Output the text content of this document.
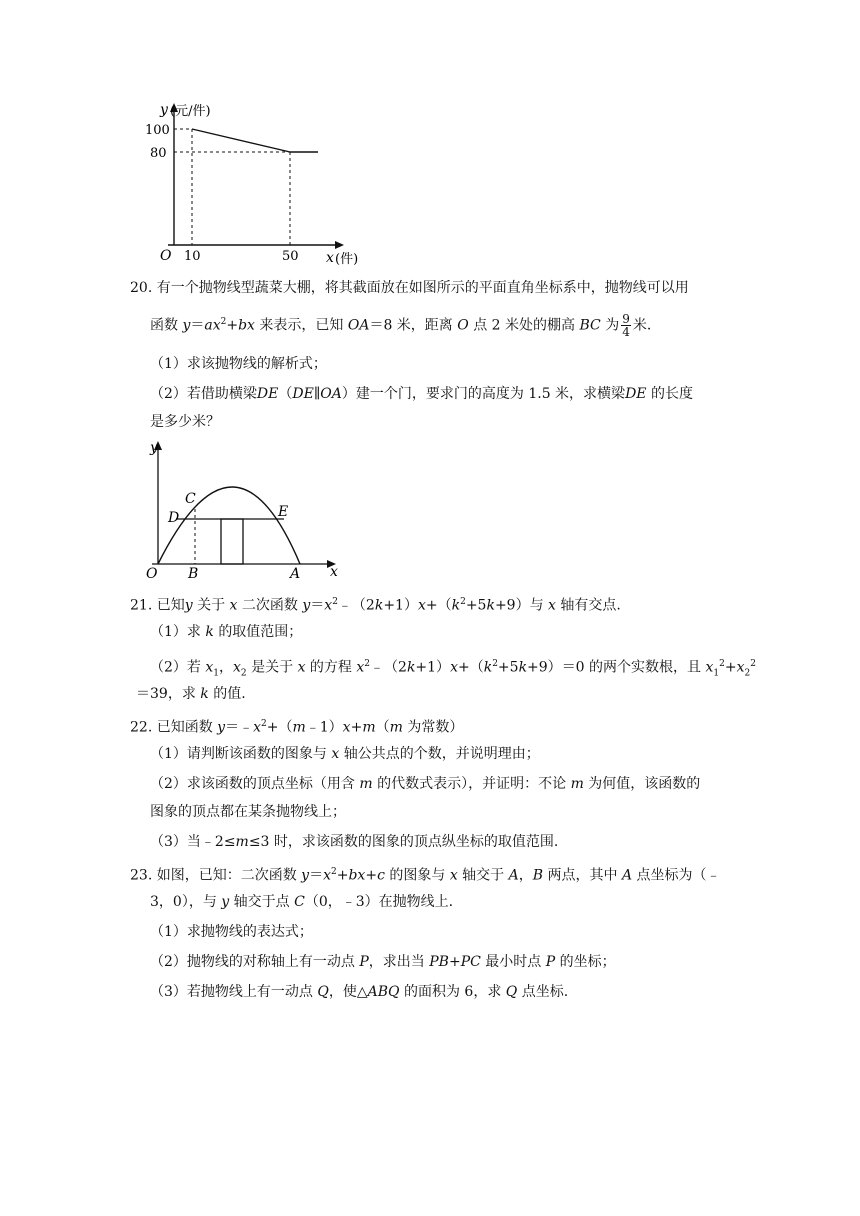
y (元/件)
100
80
O 10	50 x (件)
20. 有一个抛物线型蔬菜大棚，将其截面放在如图所示的平面直角坐标系中，抛物线可以用
函数 $y=ax^2+bx$ 来表示，已知 OA＝8 米，距离 O 点 2 米处的棚高 BC 为 $\frac{9}{4}$ 米.
（1）求该抛物线的解析式；
（2）若借助横梁DE（DE∥OA）建一个门，要求门的高度为 1.5 米，求横梁DE 的长度
是多少米？
y
x
O B	A
C
D	E
21. 已知y 关于 x 二次函数 $y=x^2﹣(2k+1)x+(k^2+5k+9)$与 x 轴有交点.
（1）求 k 的取值范围；
（2）若 $x_1$，$x_2$ 是关于 x 的方程 $x^2﹣(2k+1)x+(k^2+5k+9)=0$ 的两个实数根，且 $x_1^2+x_2^2$
＝39，求 k 的值.
22. 已知函数 $y=﹣x^2+(m﹣1)x+m(m$ 为常数）
（1）请判断该函数的图象与 x 轴公共点的个数，并说明理由；
（2）求该函数的顶点坐标（用含 m 的代数式表示），并证明：不论 m 为何值，该函数的
图象的顶点都在某条抛物线上；
（3）当﹣2≤m≤3 时，求该函数的图象的顶点纵坐标的取值范围.
23. 如图，已知：二次函数 $y=x^2+bx+c$ 的图象与 x 轴交于 A，B 两点，其中 A 点坐标为（﹣
3，0），与 y 轴交于点 C（0，﹣3）在抛物线上.
（1）求抛物线的表达式；
（2）抛物线的对称轴上有一动点 P，求出当 PB+PC 最小时点 P 的坐标；
（3）若抛物线上有一动点 Q，使△ABQ 的面积为 6，求 Q 点坐标.
